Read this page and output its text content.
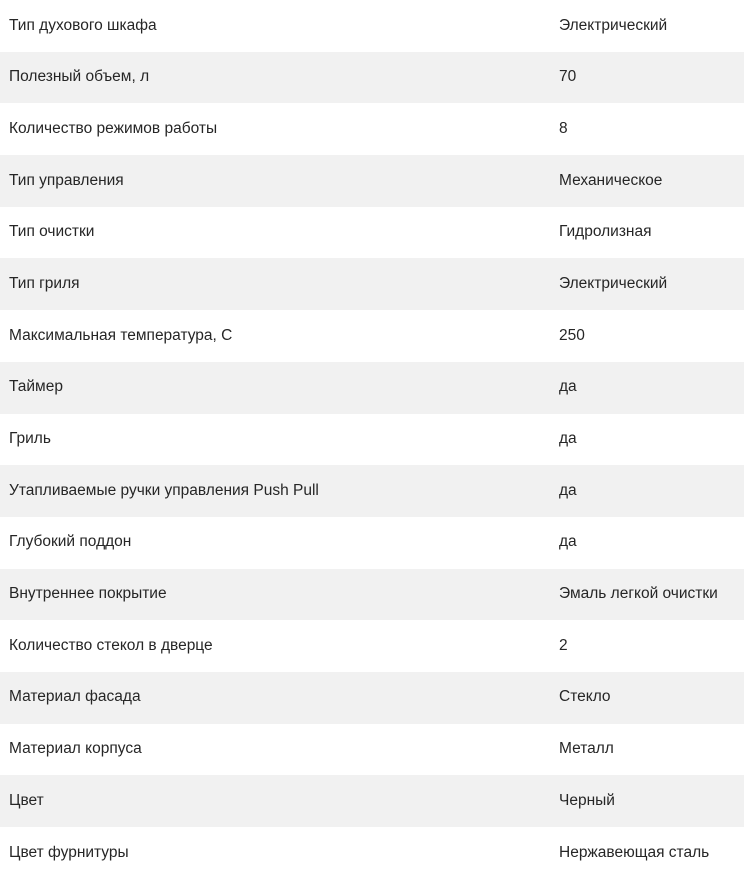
Тип духового шкафа	Электрический
Полезный объем, л	70
Количество режимов работы	8
Тип управления	Механическое
Тип очистки	Гидролизная
Тип гриля	Электрический
Максимальная температура, С	250
Таймер	да
Гриль	да
Утапливаемые ручки управления Push Pull	да
Глубокий поддон	да
Внутреннее покрытие	Эмаль легкой очистки
Количество стекол в дверце	2
Материал фасада	Стекло
Материал корпуса	Металл
Цвет	Черный
Цвет фурнитуры	Нержавеющая сталь
